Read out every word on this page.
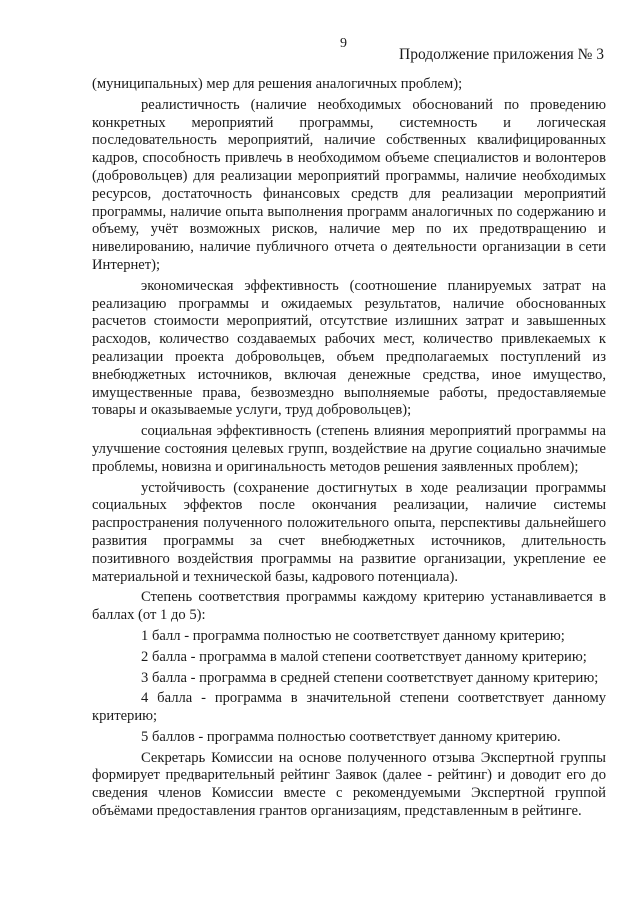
9
Продолжение приложения № 3

(муниципальных) мер для решения аналогичных проблем);

реалистичность (наличие необходимых обоснований по проведению конкретных мероприятий программы, системность и логическая последовательность мероприятий, наличие собственных квалифицированных кадров, способность привлечь в необходимом объеме специалистов и волонтеров (добровольцев) для реализации мероприятий программы, наличие необходимых ресурсов, достаточность финансовых средств для реализации мероприятий программы, наличие опыта выполнения программ аналогичных по содержанию и объему, учёт возможных рисков, наличие мер по их предотвращению и нивелированию, наличие публичного отчета о деятельности организации в сети Интернет);

экономическая эффективность (соотношение планируемых затрат на реализацию программы и ожидаемых результатов, наличие обоснованных расчетов стоимости мероприятий, отсутствие излишних затрат и завышенных расходов, количество создаваемых рабочих мест, количество привлекаемых к реализации проекта добровольцев, объем предполагаемых поступлений из внебюджетных источников, включая денежные средства, иное имущество, имущественные права, безвозмездно выполняемые работы, предоставляемые товары и оказываемые услуги, труд добровольцев);

социальная эффективность (степень влияния мероприятий программы на улучшение состояния целевых групп, воздействие на другие социально значимые проблемы, новизна и оригинальность методов решения заявленных проблем);

устойчивость (сохранение достигнутых в ходе реализации программы социальных эффектов после окончания реализации, наличие системы распространения полученного положительного опыта, перспективы дальнейшего развития программы за счет внебюджетных источников, длительность позитивного воздействия программы на развитие организации, укрепление ее материальной и технической базы, кадрового потенциала).

Степень соответствия программы каждому критерию устанавливается в баллах (от 1 до 5):

1 балл - программа полностью не соответствует данному критерию;

2 балла - программа в малой степени соответствует данному критерию;

3 балла - программа в средней степени соответствует данному критерию;

4 балла - программа в значительной степени соответствует данному критерию;

5 баллов - программа полностью соответствует данному критерию.

Секретарь Комиссии на основе полученного отзыва Экспертной группы формирует предварительный рейтинг Заявок (далее - рейтинг) и доводит его до сведения членов Комиссии вместе с рекомендуемыми Экспертной группой объёмами предоставления грантов организациям, представленным в рейтинге.
